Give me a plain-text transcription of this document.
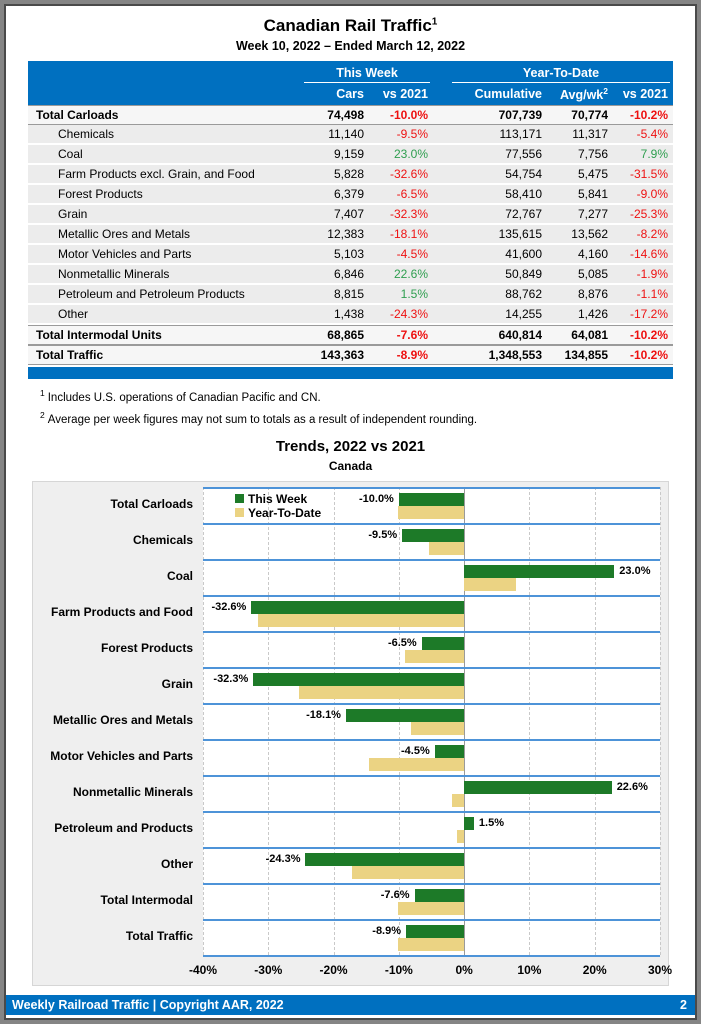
Canadian Rail Traffic$^1$
Week 10, 2022 – Ended March 12, 2022
This Week	Year-To-Date
Cars	vs 2021	Cumulative	Avg/$wk^2$	vs 2021
Total Carloads	74,498	-10.0%	707,739	70,774	-10.2%
Chemicals	11,140	-9.5%	113,171	11,317	-5.4%
Coal	9,159	23.0%	77,556	7,756	7.9%
Farm Products excl. Grain, and Food	5,828	-32.6%	54,754	5,475	-31.5%
Forest Products	6,379	-6.5%	58,410	5,841	-9.0%
Grain	7,407	-32.3%	72,767	7,277	-25.3%
Metallic Ores and Metals	12,383	-18.1%	135,615	13,562	-8.2%
Motor Vehicles and Parts	5,103	-4.5%	41,600	4,160	-14.6%
Nonmetallic Minerals	6,846	22.6%	50,849	5,085	-1.9%
Petroleum and Petroleum Products	8,815	1.5%	88,762	8,876	-1.1%
Other	1,438	-24.3%	14,255	1,426	-17.2%
Total Intermodal Units	68,865	-7.6%	640,814	64,081	-10.2%
Total Traffic	143,363	-8.9%	1,348,553	134,855	-10.2%
$^1$ Includes U.S. operations of Canadian Pacific and CN.
$^2$ Average per week figures may not sum to totals as a result of independent rounding.
Trends, 2022 vs 2021
Canada
Total Carloads
Chemicals
Coal
Farm Products and Food
Forest Products
Grain
Metallic Ores and Metals
Motor Vehicles and Parts
Nonmetallic Minerals
Petroleum and Products
Other
Total Intermodal
Total Traffic
-10.0%
-9.5%
23.0%
-32.6%
-6.5%
-32.3%
-18.1%
-4.5%
22.6%
1.5%
-24.3%
-7.6%
-8.9%
This Week
Year-To-Date
-40%	-30%	-20%	-10%	0%	10%	20%	30%
Weekly Railroad Traffic | Copyright AAR, 2022	2
